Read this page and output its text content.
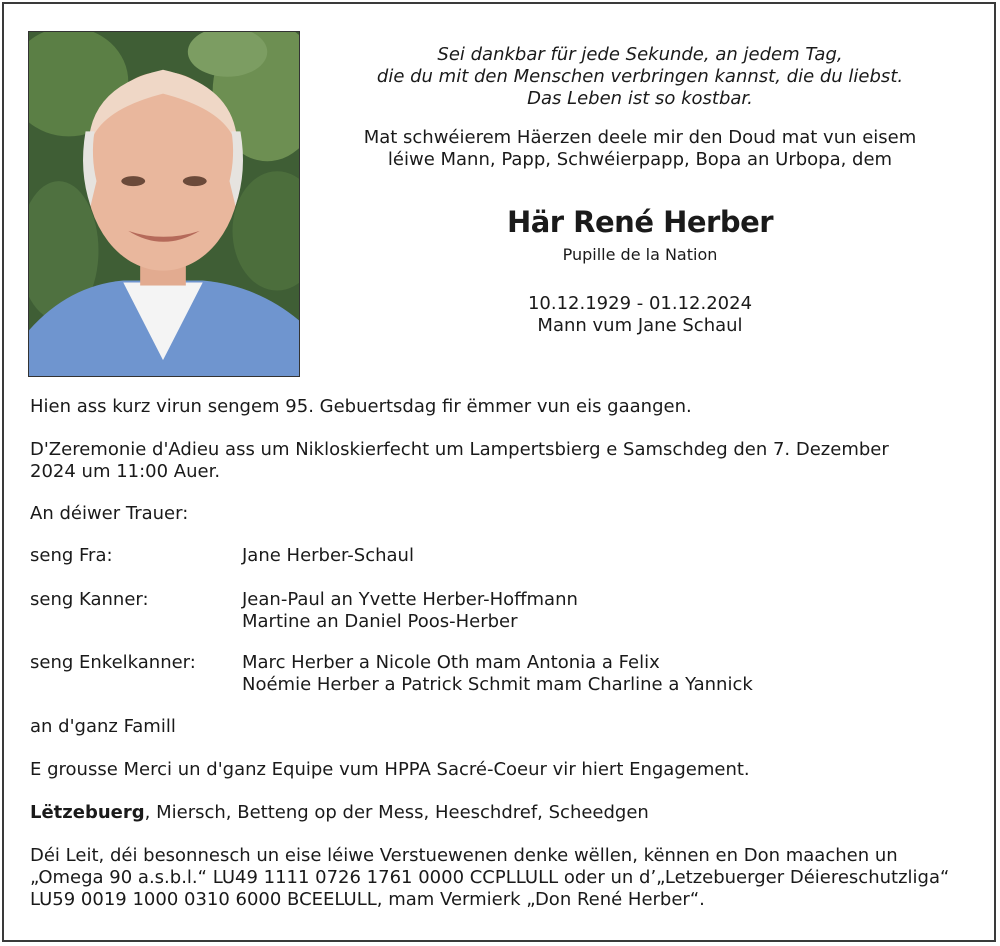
Sei dankbar für jede Sekunde, an jedem Tag,
die du mit den Menschen verbringen kannst, die du liebst.
Das Leben ist so kostbar.
Mat schwéierem Häerzen deele mir den Doud mat vun eisem
léiwe Mann, Papp, Schwéierpapp, Bopa an Urbopa, dem
Här René Herber
Pupille de la Nation
10.12.1929 - 01.12.2024
Mann vum Jane Schaul
Hien ass kurz virun sengem 95. Gebuertsdag fir ëmmer vun eis gaangen.
D'Zeremonie d'Adieu ass um Nikloskierfecht um Lampertsbierg e Samschdeg den 7. Dezember
2024 um 11:00 Auer.
An déiwer Trauer:
seng Fra:	Jane Herber-Schaul
seng Kanner:	Jean-Paul an Yvette Herber-Hoffmann
Martine an Daniel Poos-Herber
seng Enkelkanner:	Marc Herber a Nicole Oth mam Antonia a Felix
Noémie Herber a Patrick Schmit mam Charline a Yannick
an d'ganz Famill
E grousse Merci un d'ganz Equipe vum HPPA Sacré-Coeur vir hiert Engagement.
Lëtzebuerg, Miersch, Betteng op der Mess, Heeschdref, Scheedgen
Déi Leit, déi besonnesch un eise léiwe Verstuewenen denke wëllen, kënnen en Don maachen un
„Omega 90 a.s.b.l.“ LU49 1111 0726 1761 0000 CCPLLULL oder un d’„Letzebuerger Déiereschutzliga“
LU59 0019 1000 0310 6000 BCEELULL, mam Vermierk „Don René Herber“.
